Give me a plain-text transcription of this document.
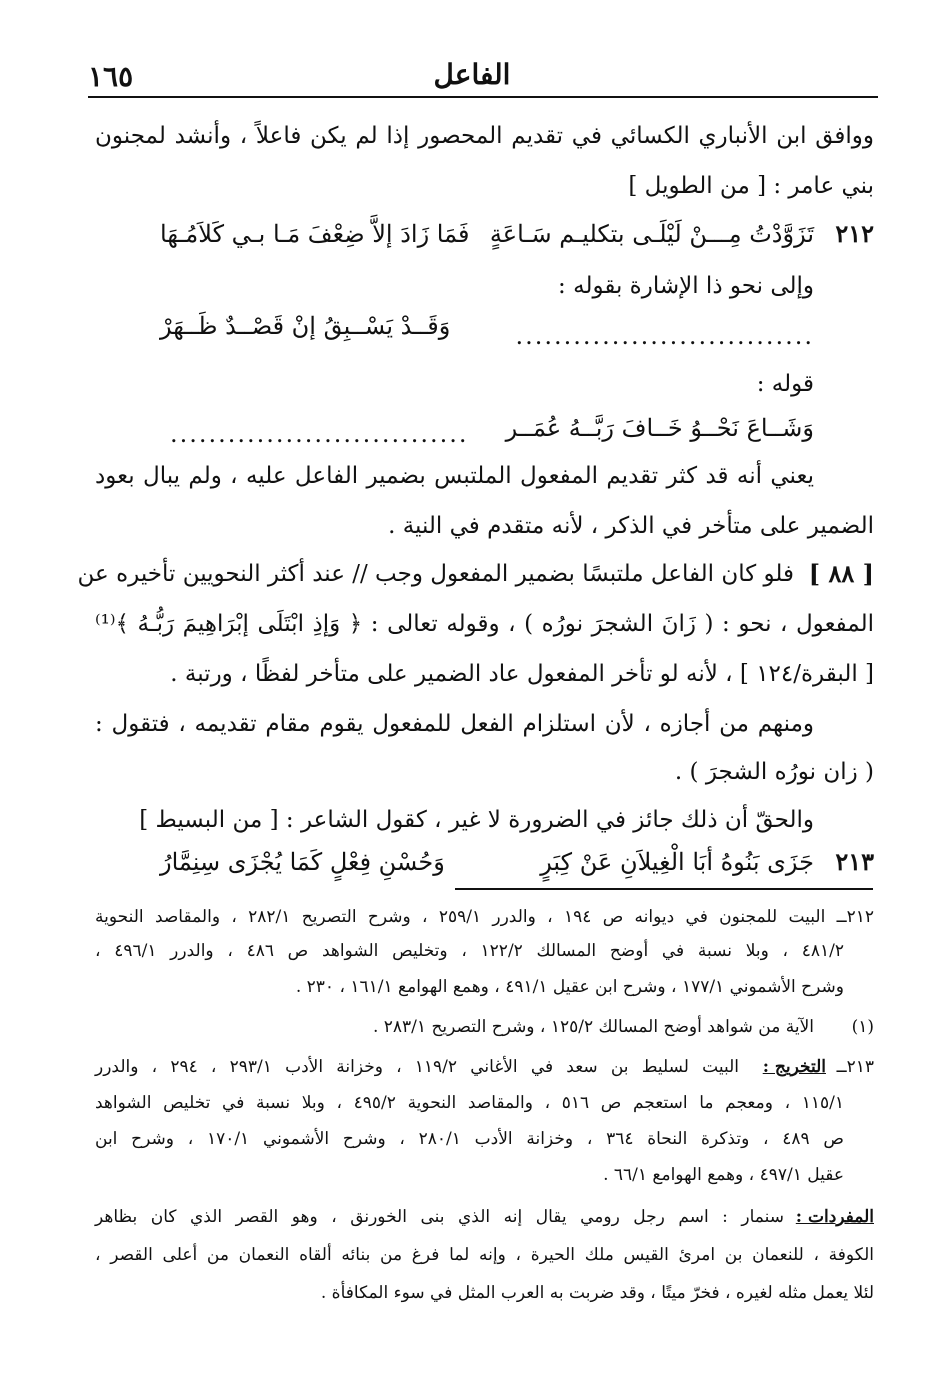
الفاعل
١٦٥
ووافق ابن الأنباري الكسائي في تقديم المحصور إذا لم يكن فاعلاً ، وأنشد لمجنون
بني عامر : [ من الطويل ]
٢١٢
تَزَوَّدْتُ مِـــنْ لَيْلَـى بتكليـم سَـاعَةٍ
فَمَا زَادَ إلاَّ ضِعْفَ مَـا بـي كَلاَمُـهَا
وإلى نحو ذا الإشارة بقوله :
...............................
وَقَــدْ يَسْــبِقُ إنْ قَصْــدٌ ظَــهَرْ
قوله :
وَشَــاعَ نَحْــوُ خَــافَ رَبَّــهُ عُمَــر
...............................
يعني أنه قد كثر تقديم المفعول الملتبس بضمير الفاعل عليه ، ولم يبال بعود
الضمير على متأخر في الذكر ، لأنه متقدم في النية .
[ ٨٨ ]
فلو كان الفاعل ملتبسًا بضمير المفعول وجب // عند أكثر النحويين تأخيره عن
المفعول ، نحو : ( زَانَ الشجرَ نورُه ) ، وقوله تعالى : ﴿ وَإذِ ابْتَلَى إبْرَاهِيمَ رَبُّـهُ ﴾⁽¹⁾
[ البقرة/١٢٤ ] ، لأنه لو تأخر المفعول عاد الضمير على متأخر لفظًا ، ورتبة .
ومنهم من أجازه ، لأن استلزام الفعل للمفعول يقوم مقام تقديمه ، فتقول :
( زان نورُه الشجرَ ) .
والحقّ أن ذلك جائز في الضرورة لا غير ، كقول الشاعر : [ من البسيط ]
٢١٣
جَزَى بَنُوهُ أبَا الْغِيلاَنِ عَنْ كِبَرٍ
وَحُسْنِ فِعْلٍ كَمَا يُجْزَى سِنِمَّارُ
٢١٢ــ البيت للمجنون في ديوانه ص ١٩٤ ، والدرر ٢٥٩/١ ، وشرح التصريح ٢٨٢/١ ، والمقاصد النحوية
٤٨١/٢ ، وبلا نسبة في أوضح المسالك ١٢٢/٢ ، وتخليص الشواهد ص ٤٨٦ ، والدرر ٤٩٦/١ ،
وشرح الأشموني ١٧٧/١ ، وشرح ابن عقيل ٤٩١/١ ، وهمع الهوامع ١٦١/١ ، ٢٣٠ .
(١)
الآية من شواهد أوضح المسالك ١٢٥/٢ ، وشرح التصريح ٢٨٣/١ .
٢١٣ــ
التخريج :
البيت لسليط بن سعد في الأغاني ١١٩/٢ ، وخزانة الأدب ٢٩٣/١ ، ٢٩٤ ، والدرر
١١٥/١ ، ومعجم ما استعجم ص ٥١٦ ، والمقاصد النحوية ٤٩٥/٢ ، وبلا نسبة في تخليص الشواهد
ص ٤٨٩ ، وتذكرة النحاة ٣٦٤ ، وخزانة الأدب ٢٨٠/١ ، وشرح الأشموني ١٧٠/١ ، وشرح ابن
عقيل ٤٩٧/١ ، وهمع الهوامع ٦٦/١ .
المفردات :
سنمار : اسم رجل رومي يقال إنه الذي بنى الخورنق ، وهو القصر الذي كان بظاهر
الكوفة ، للنعمان بن امرئ القيس ملك الحيرة ، وإنه لما فرغ من بنائه ألقاه النعمان من أعلى القصر ،
لئلا يعمل مثله لغيره ، فخرّ ميتًا ، وقد ضربت به العرب المثل في سوء المكافأة .
